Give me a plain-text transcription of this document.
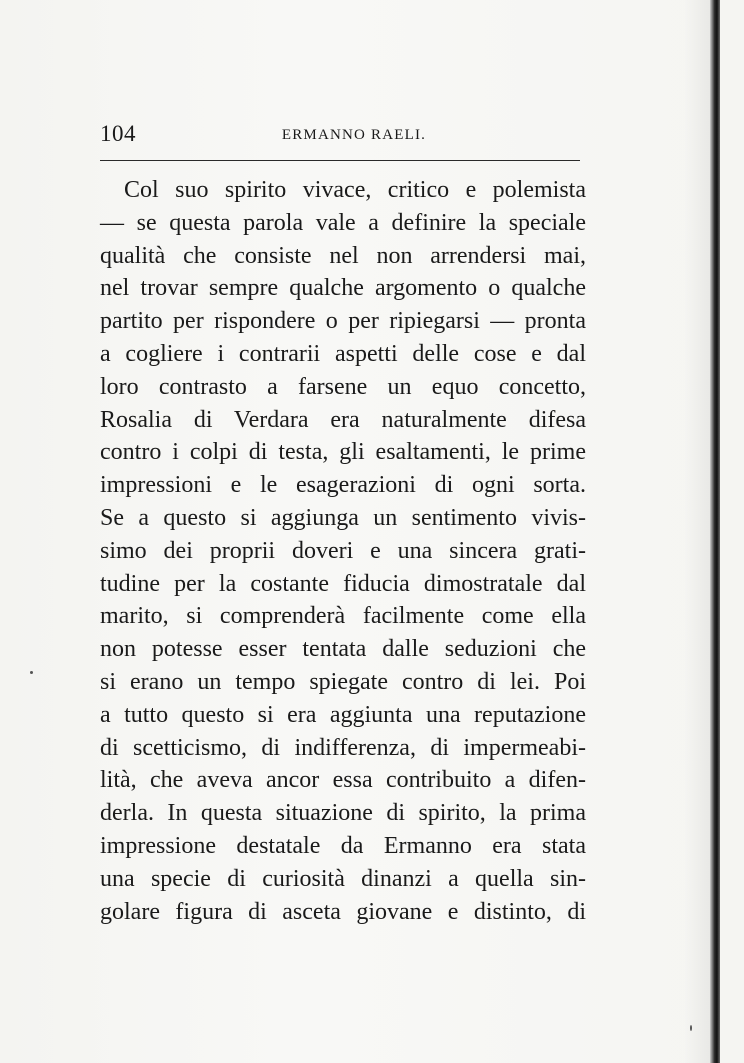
104	ERMANNO RAELI.
Col suo spirito vivace, critico e polemista
— se questa parola vale a definire la speciale
qualità che consiste nel non arrendersi mai,
nel trovar sempre qualche argomento o qualche
partito per rispondere o per ripiegarsi — pronta
a cogliere i contrarii aspetti delle cose e dal
loro contrasto a farsene un equo concetto,
Rosalia di Verdara era naturalmente difesa
contro i colpi di testa, gli esaltamenti, le prime
impressioni e le esagerazioni di ogni sorta.
Se a questo si aggiunga un sentimento vivis-
simo dei proprii doveri e una sincera grati-
tudine per la costante fiducia dimostratale dal
marito, si comprenderà facilmente come ella
non potesse esser tentata dalle seduzioni che
si erano un tempo spiegate contro di lei. Poi
a tutto questo si era aggiunta una reputazione
di scetticismo, di indifferenza, di impermeabi-
lità, che aveva ancor essa contribuito a difen-
derla. In questa situazione di spirito, la prima
impressione destatale da Ermanno era stata
una specie di curiosità dinanzi a quella sin-
golare figura di asceta giovane e distinto, di
